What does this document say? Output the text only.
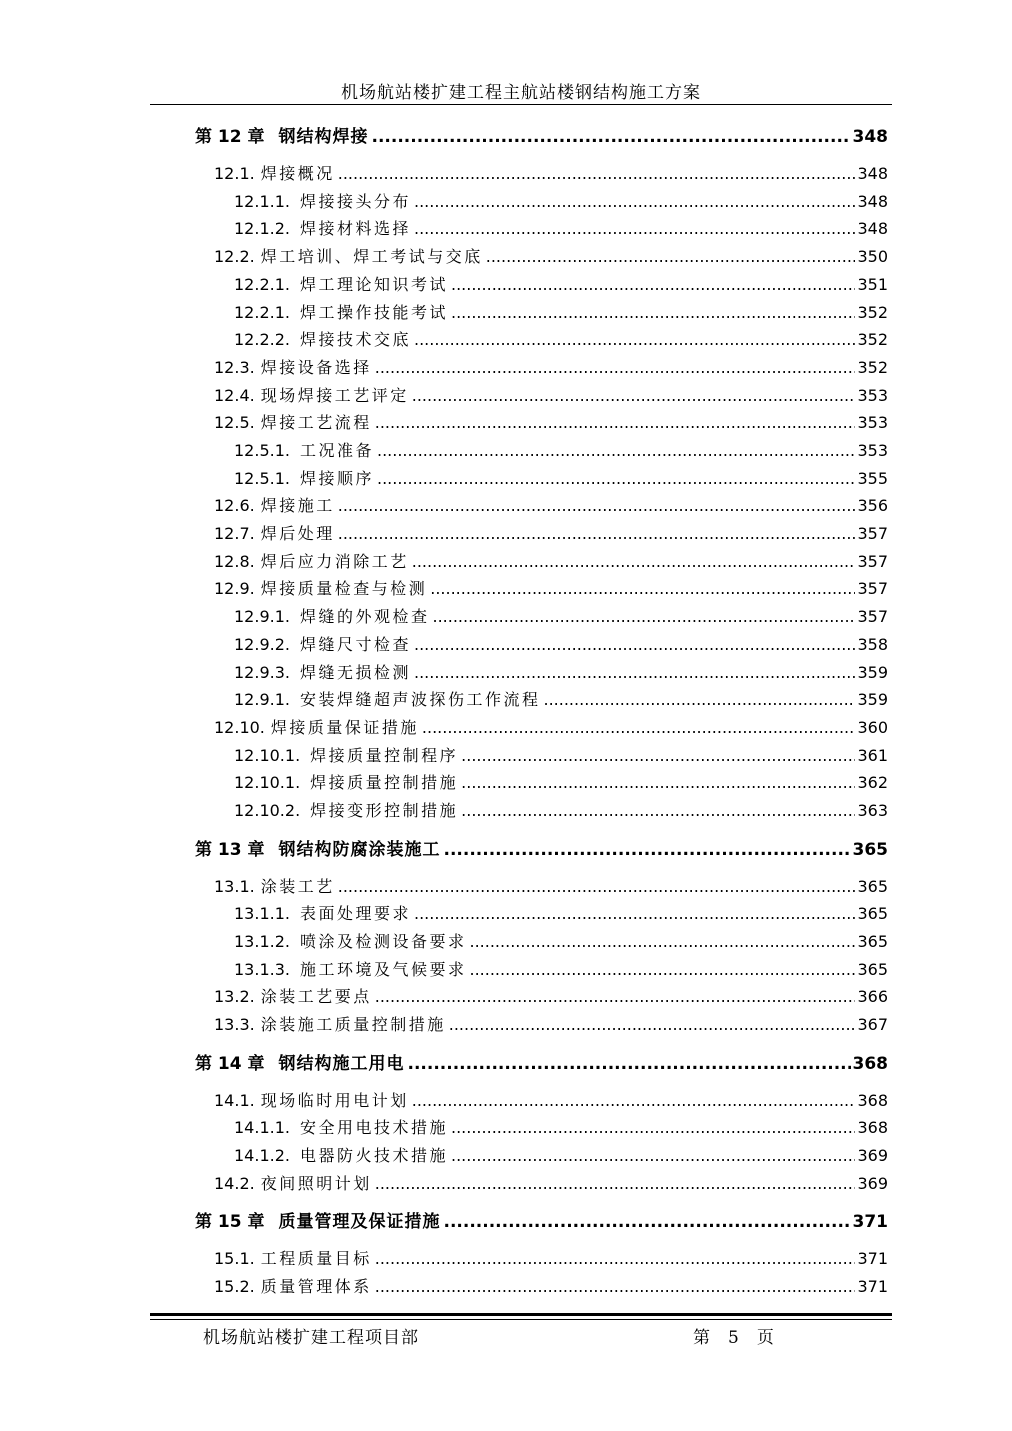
机场航站楼扩建工程主航站楼钢结构施工方案
第 12 章 钢结构焊接 .....	348
12.1. 焊接概况 .....	348
12.1.1. 焊接接头分布 .....	348
12.1.2. 焊接材料选择 .....	348
12.2. 焊工培训、焊工考试与交底 .....	350
12.2.1. 焊工理论知识考试 .....	351
12.2.1. 焊工操作技能考试 .....	352
12.2.2. 焊接技术交底 .....	352
12.3. 焊接设备选择 .....	352
12.4. 现场焊接工艺评定 .....	353
12.5. 焊接工艺流程 .....	353
12.5.1. 工况准备 .....	353
12.5.1. 焊接顺序 .....	355
12.6. 焊接施工 .....	356
12.7. 焊后处理 .....	357
12.8. 焊后应力消除工艺 .....	357
12.9. 焊接质量检查与检测 .....	357
12.9.1. 焊缝的外观检查 .....	357
12.9.2. 焊缝尺寸检查 .....	358
12.9.3. 焊缝无损检测 .....	359
12.9.1. 安装焊缝超声波探伤工作流程 .....	359
12.10. 焊接质量保证措施 .....	360
12.10.1. 焊接质量控制程序 .....	361
12.10.1. 焊接质量控制措施 .....	362
12.10.2. 焊接变形控制措施 .....	363
第 13 章 钢结构防腐涂装施工 .....	365
13.1. 涂装工艺 .....	365
13.1.1. 表面处理要求 .....	365
13.1.2. 喷涂及检测设备要求 .....	365
13.1.3. 施工环境及气候要求 .....	365
13.2. 涂装工艺要点 .....	366
13.3. 涂装施工质量控制措施 .....	367
第 14 章 钢结构施工用电 .....	368
14.1. 现场临时用电计划 .....	368
14.1.1. 安全用电技术措施 .....	368
14.1.2. 电器防火技术措施 .....	369
14.2. 夜间照明计划 .....	369
第 15 章 质量管理及保证措施 .....	371
15.1. 工程质量目标 .....	371
15.2. 质量管理体系 .....	371
机场航站楼扩建工程项目部	第 5 页
